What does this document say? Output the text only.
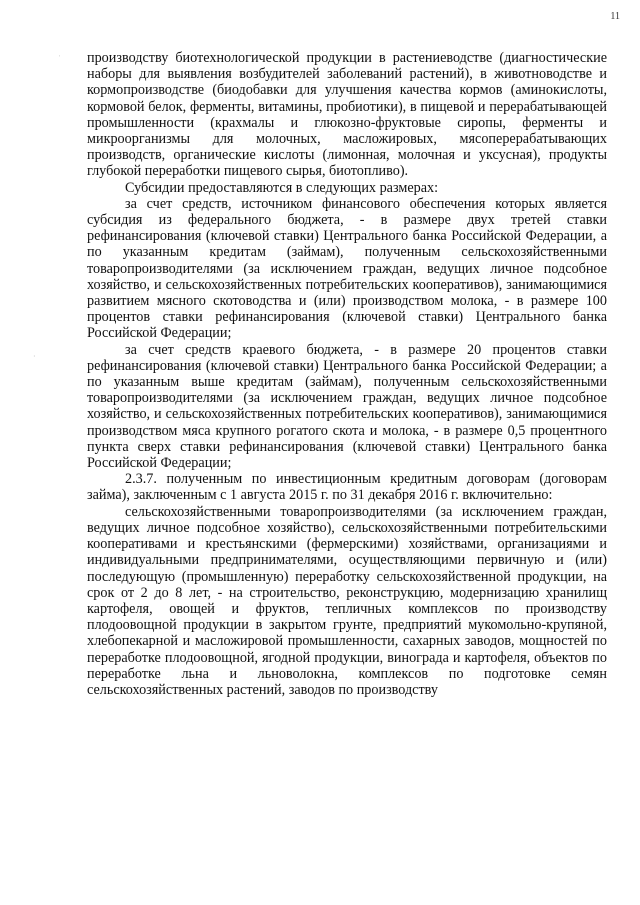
11
ˈ
·

производству биотехнологической продукции в растениеводстве (диагностические наборы для выявления возбудителей заболеваний растений), в животноводстве и кормопроизводстве (биодобавки для улучшения качества кормов (аминокислоты, кормовой белок, ферменты, витамины, пробиотики), в пищевой и перерабатывающей промышленности (крахмалы и глюкозно-фруктовые сиропы, ферменты и микроорганизмы для молочных, масложировых, мясоперерабатывающих производств, органические кислоты (лимонная, молочная и уксусная), продукты глубокой переработки пищевого сырья, биотопливо).

Субсидии предоставляются в следующих размерах:

за счет средств, источником финансового обеспечения которых является субсидия из федерального бюджета, - в размере двух третей ставки рефинансирования (ключевой ставки) Центрального банка Российской Федерации, а по указанным кредитам (займам), полученным сельскохозяйственными товаропроизводителями (за исключением граждан, ведущих личное подсобное хозяйство, и сельскохозяйственных потребительских кооперативов), занимающимися развитием мясного скотоводства и (или) производством молока, - в размере 100 процентов ставки рефинансирования (ключевой ставки) Центрального банка Российской Федерации;

за счет средств краевого бюджета, - в размере 20 процентов ставки рефинансирования (ключевой ставки) Центрального банка Российской Федерации; а по указанным выше кредитам (займам), полученным сельскохозяйственными товаропроизводителями (за исключением граждан, ведущих личное подсобное хозяйство, и сельскохозяйственных потребительских кооперативов), занимающимися производством мяса крупного рогатого скота и молока, - в размере 0,5 процентного пункта сверх ставки рефинансирования (ключевой ставки) Центрального банка Российской Федерации;

2.3.7. полученным по инвестиционным кредитным договорам (договорам займа), заключенным с 1 августа 2015 г. по 31 декабря 2016 г. включительно:

сельскохозяйственными товаропроизводителями (за исключением граждан, ведущих личное подсобное хозяйство), сельскохозяйственными потребительскими кооперативами и крестьянскими (фермерскими) хозяйствами, организациями и индивидуальными предпринимателями, осуществляющими первичную и (или) последующую (промышленную) переработку сельскохозяйственной продукции, на срок от 2 до 8 лет, - на строительство, реконструкцию, модернизацию хранилищ картофеля, овощей и фруктов, тепличных комплексов по производству плодоовощной продукции в закрытом грунте, предприятий мукомольно-крупяной, хлебопекарной и масложировой промышленности, сахарных заводов, мощностей по переработке плодоовощной, ягодной продукции, винограда и картофеля, объектов по переработке льна и льноволокна, комплексов по подготовке семян сельскохозяйственных растений, заводов по производству
